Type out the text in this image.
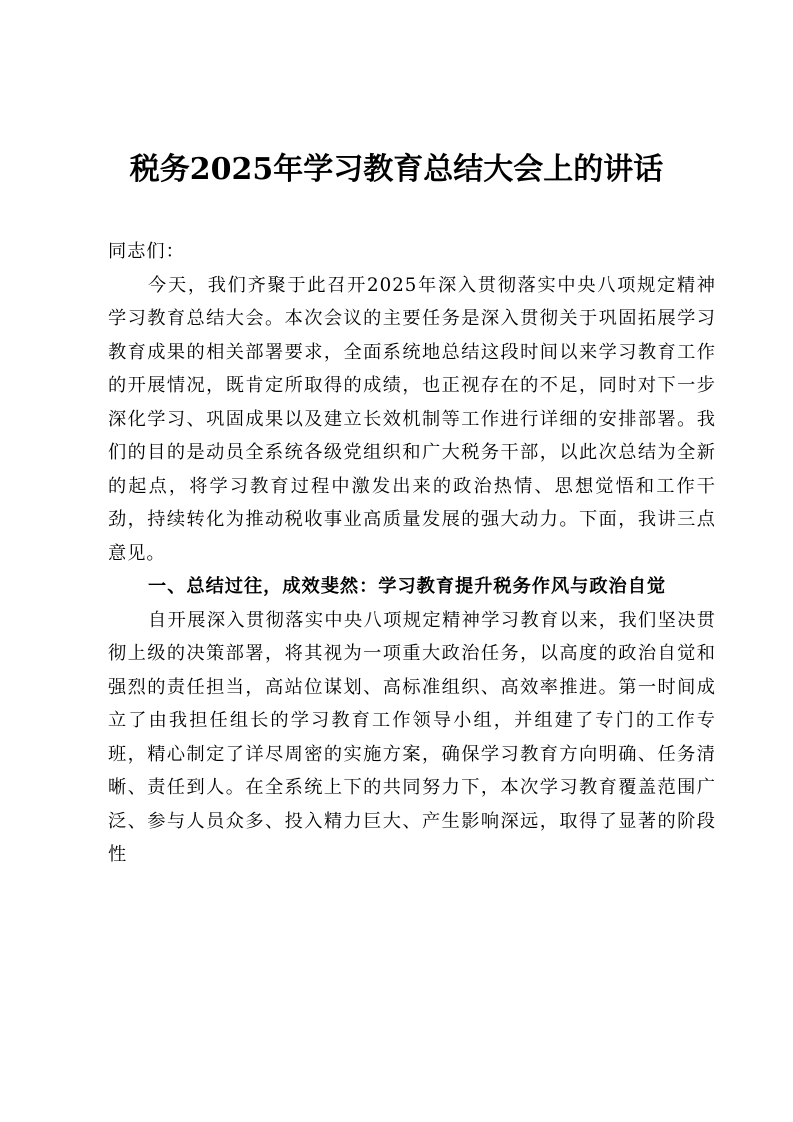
税务2025年学习教育总结大会上的讲话

同志们：

今天，我们齐聚于此召开2025年深入贯彻落实中央八项规定精神学习教育总结大会。本次会议的主要任务是深入贯彻关于巩固拓展学习教育成果的相关部署要求，全面系统地总结这段时间以来学习教育工作的开展情况，既肯定所取得的成绩，也正视存在的不足，同时对下一步深化学习、巩固成果以及建立长效机制等工作进行详细的安排部署。我们的目的是动员全系统各级党组织和广大税务干部，以此次总结为全新的起点，将学习教育过程中激发出来的政治热情、思想觉悟和工作干劲，持续转化为推动税收事业高质量发展的强大动力。下面，我讲三点意见。

一、总结过往，成效斐然：学习教育提升税务作风与政治自觉

自开展深入贯彻落实中央八项规定精神学习教育以来，我们坚决贯彻上级的决策部署，将其视为一项重大政治任务，以高度的政治自觉和强烈的责任担当，高站位谋划、高标准组织、高效率推进。第一时间成立了由我担任组长的学习教育工作领导小组，并组建了专门的工作专班，精心制定了详尽周密的实施方案，确保学习教育方向明确、任务清晰、责任到人。在全系统上下的共同努力下，本次学习教育覆盖范围广泛、参与人员众多、投入精力巨大、产生影响深远，取得了显著的阶段性
